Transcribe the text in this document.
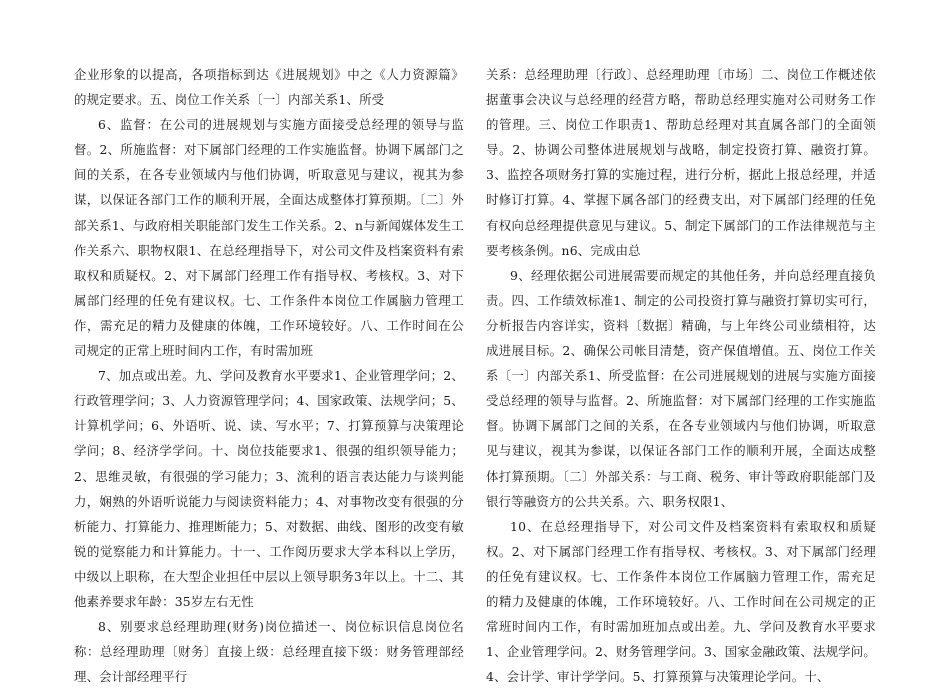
企业形象的以提高，各项指标到达《进展规划》中之《人力资源篇》的规定要求。五、岗位工作关系〔一〕内部关系1、所受

6、监督：在公司的进展规划与实施方面接受总经理的领导与监督。2、所施监督：对下属部门经理的工作实施监督。协调下属部门之间的关系，在各专业领域内与他们协调，听取意见与建议，视其为参谋，以保证各部门工作的顺利开展，全面达成整体打算预期。〔二〕外部关系1、与政府相关职能部门发生工作关系。2、n与新闻媒体发生工作关系六、职物权限1、在总经理指导下，对公司文件及档案资料有索取权和质疑权。2、对下属部门经理工作有指导权、考核权。3、对下属部门经理的任免有建议权。七、工作条件本岗位工作属脑力管理工作，需充足的精力及健康的体魄，工作环境较好。八、工作时间在公司规定的正常上班时间内工作，有时需加班

7、加点或出差。九、学问及教育水平要求1、企业管理学问；2、行政管理学问；3、人力资源管理学问；4、国家政策、法规学问；5、计算机学问；6、外语听、说、读、写水平；7、打算预算与决策理论学问；8、经济学学问。十、岗位技能要求1、很强的组织领导能力；2、思维灵敏，有很强的学习能力；3、流利的语言表达能力与谈判能力，娴熟的外语听说能力与阅读资料能力；4、对事物改变有很强的分析能力、打算能力、推理断能力；5、对数据、曲线、图形的改变有敏锐的觉察能力和计算能力。十一、工作阅历要求大学本科以上学历，中级以上职称，在大型企业担任中层以上领导职务3年以上。十二、其他素养要求年龄：35岁左右无性

8、别要求总经理助理(财务)岗位描述一、岗位标识信息岗位名称：总经理助理〔财务〕直接上级：总经理直接下级：财务管理部经理、会计部经理平行

关系：总经理助理〔行政〕、总经理助理〔市场〕二、岗位工作概述依据董事会决议与总经理的经营方略，帮助总经理实施对公司财务工作的管理。三、岗位工作职责1、帮助总经理对其直属各部门的全面领导。2、协调公司整体进展规划与战略，制定投资打算、融资打算。3、监控各项财务打算的实施过程，进行分析，据此上报总经理，并适时修订打算。4、掌握下属各部门的经费支出，对下属部门经理的任免有权向总经理提供意见与建议。5、制定下属部门的工作法律规范与主要考核条例。n6、完成由总

9、经理依据公司进展需要而规定的其他任务，并向总经理直接负责。四、工作绩效标准1、制定的公司投资打算与融资打算切实可行，分析报告内容详实，资料〔数据〕精确，与上年终公司业绩相符，达成进展目标。2、确保公司帐目清楚，资产保值增值。五、岗位工作关系〔一〕内部关系1、所受监督：在公司进展规划的进展与实施方面接受总经理的领导与监督。2、所施监督：对下属部门经理的工作实施监督。协调下属部门之间的关系，在各专业领域内与他们协调，听取意见与建议，视其为参谋，以保证各部门工作的顺利开展，全面达成整体打算预期。〔二〕外部关系：与工商、税务、审计等政府职能部门及银行等融资方的公共关系。六、职务权限1、

10、在总经理指导下，对公司文件及档案资料有索取权和质疑权。2、对下属部门经理工作有指导权、考核权。3、对下属部门经理的任免有建议权。七、工作条件本岗位工作属脑力管理工作，需充足的精力及健康的体魄，工作环境较好。八、工作时间在公司规定的正常班时间内工作，有时需加班加点或出差。九、学问及教育水平要求1、企业管理学问。2、财务管理学问。3、国家金融政策、法规学问。4、会计学、审计学学问。5、打算预算与决策理论学问。十、
